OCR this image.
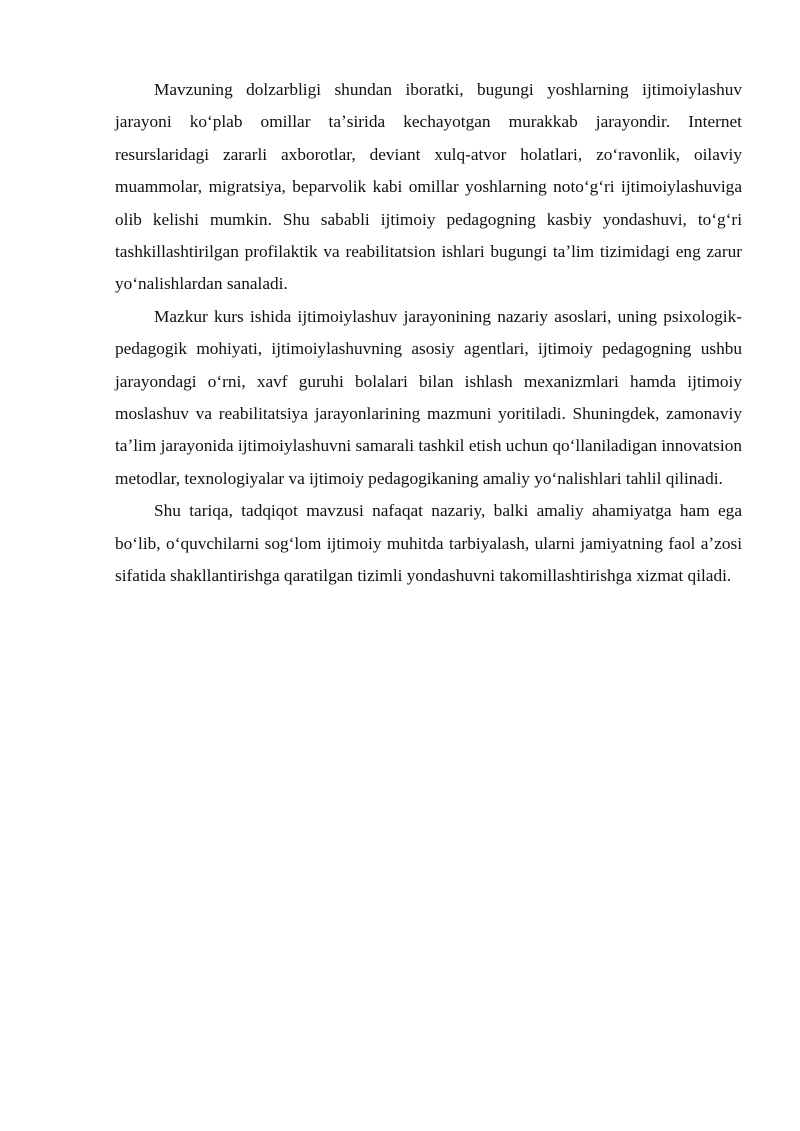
Mavzuning dolzarbligi shundan iboratki, bugungi yoshlarning ijtimoiylashuv jarayoni koʻplab omillar taʼsirida kechayotgan murakkab jarayondir. Internet resurslaridagi zararli axborotlar, deviant xulq-atvor holatlari, zoʻravonlik, oilaviy muammolar, migratsiya, beparvolik kabi omillar yoshlarning notoʻgʻri ijtimoiylashuviga olib kelishi mumkin. Shu sababli ijtimoiy pedagogning kasbiy yondashuvi, toʻgʻri tashkillashtirilgan profilaktik va reabilitatsion ishlari bugungi taʼlim tizimidagi eng zarur yoʻnalishlardan sanaladi.

Mazkur kurs ishida ijtimoiylashuv jarayonining nazariy asoslari, uning psixologik-pedagogik mohiyati, ijtimoiylashuvning asosiy agentlari, ijtimoiy pedagogning ushbu jarayondagi oʻrni, xavf guruhi bolalari bilan ishlash mexanizmlari hamda ijtimoiy moslashuv va reabilitatsiya jarayonlarining mazmuni yoritiladi. Shuningdek, zamonaviy taʼlim jarayonida ijtimoiylashuvni samarali tashkil etish uchun qoʻllaniladigan innovatsion metodlar, texnologiyalar va ijtimoiy pedagogikaning amaliy yoʻnalishlari tahlil qilinadi.

Shu tariqa, tadqiqot mavzusi nafaqat nazariy, balki amaliy ahamiyatga ham ega boʻlib, oʻquvchilarni sogʻlom ijtimoiy muhitda tarbiyalash, ularni jamiyatning faol aʼzosi sifatida shakllantirishga qaratilgan tizimli yondashuvni takomillashtirishga xizmat qiladi.
